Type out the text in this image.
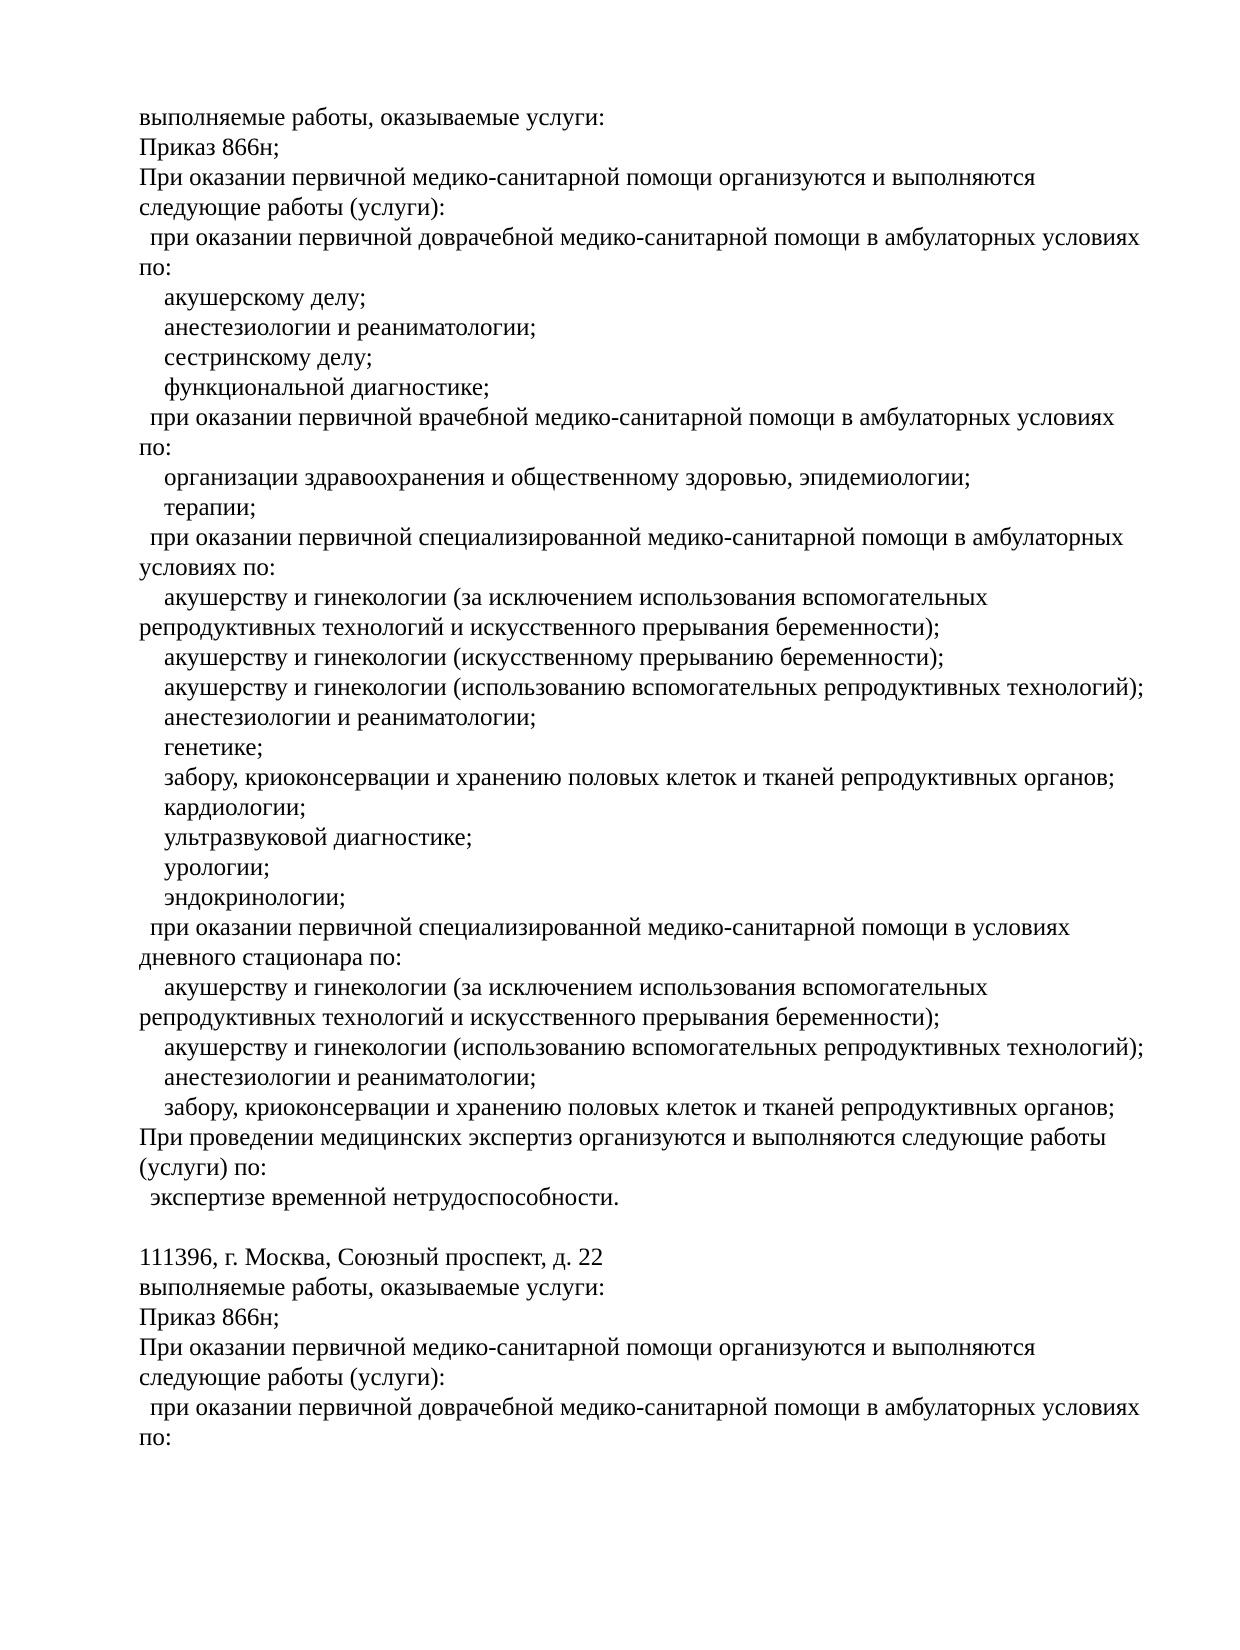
выполняемые работы, оказываемые услуги:

Приказ 866н;

При оказании первичной медико-санитарной помощи организуются и выполняются следующие работы (услуги):

при оказании первичной доврачебной медико-санитарной помощи в амбулаторных условиях по:

акушерскому делу;

анестезиологии и реаниматологии;

сестринскому делу;

функциональной диагностике;

при оказании первичной врачебной медико-санитарной помощи в амбулаторных условиях по:

организации здравоохранения и общественному здоровью, эпидемиологии;

терапии;

при оказании первичной специализированной медико-санитарной помощи в амбулаторных условиях по:

акушерству и гинекологии (за исключением использования вспомогательных репродуктивных технологий и искусственного прерывания беременности);

акушерству и гинекологии (искусственному прерыванию беременности);

акушерству и гинекологии (использованию вспомогательных репродуктивных технологий);

анестезиологии и реаниматологии;

генетике;

забору, криоконсервации и хранению половых клеток и тканей репродуктивных органов;

кардиологии;

ультразвуковой диагностике;

урологии;

эндокринологии;

при оказании первичной специализированной медико-санитарной помощи в условиях дневного стационара по:

акушерству и гинекологии (за исключением использования вспомогательных репродуктивных технологий и искусственного прерывания беременности);

акушерству и гинекологии (использованию вспомогательных репродуктивных технологий);

анестезиологии и реаниматологии;

забору, криоконсервации и хранению половых клеток и тканей репродуктивных органов;

При проведении медицинских экспертиз организуются и выполняются следующие работы (услуги) по:

экспертизе временной нетрудоспособности.

111396, г. Москва, Союзный проспект, д. 22

выполняемые работы, оказываемые услуги:

Приказ 866н;

При оказании первичной медико-санитарной помощи организуются и выполняются следующие работы (услуги):

при оказании первичной доврачебной медико-санитарной помощи в амбулаторных условиях по:
